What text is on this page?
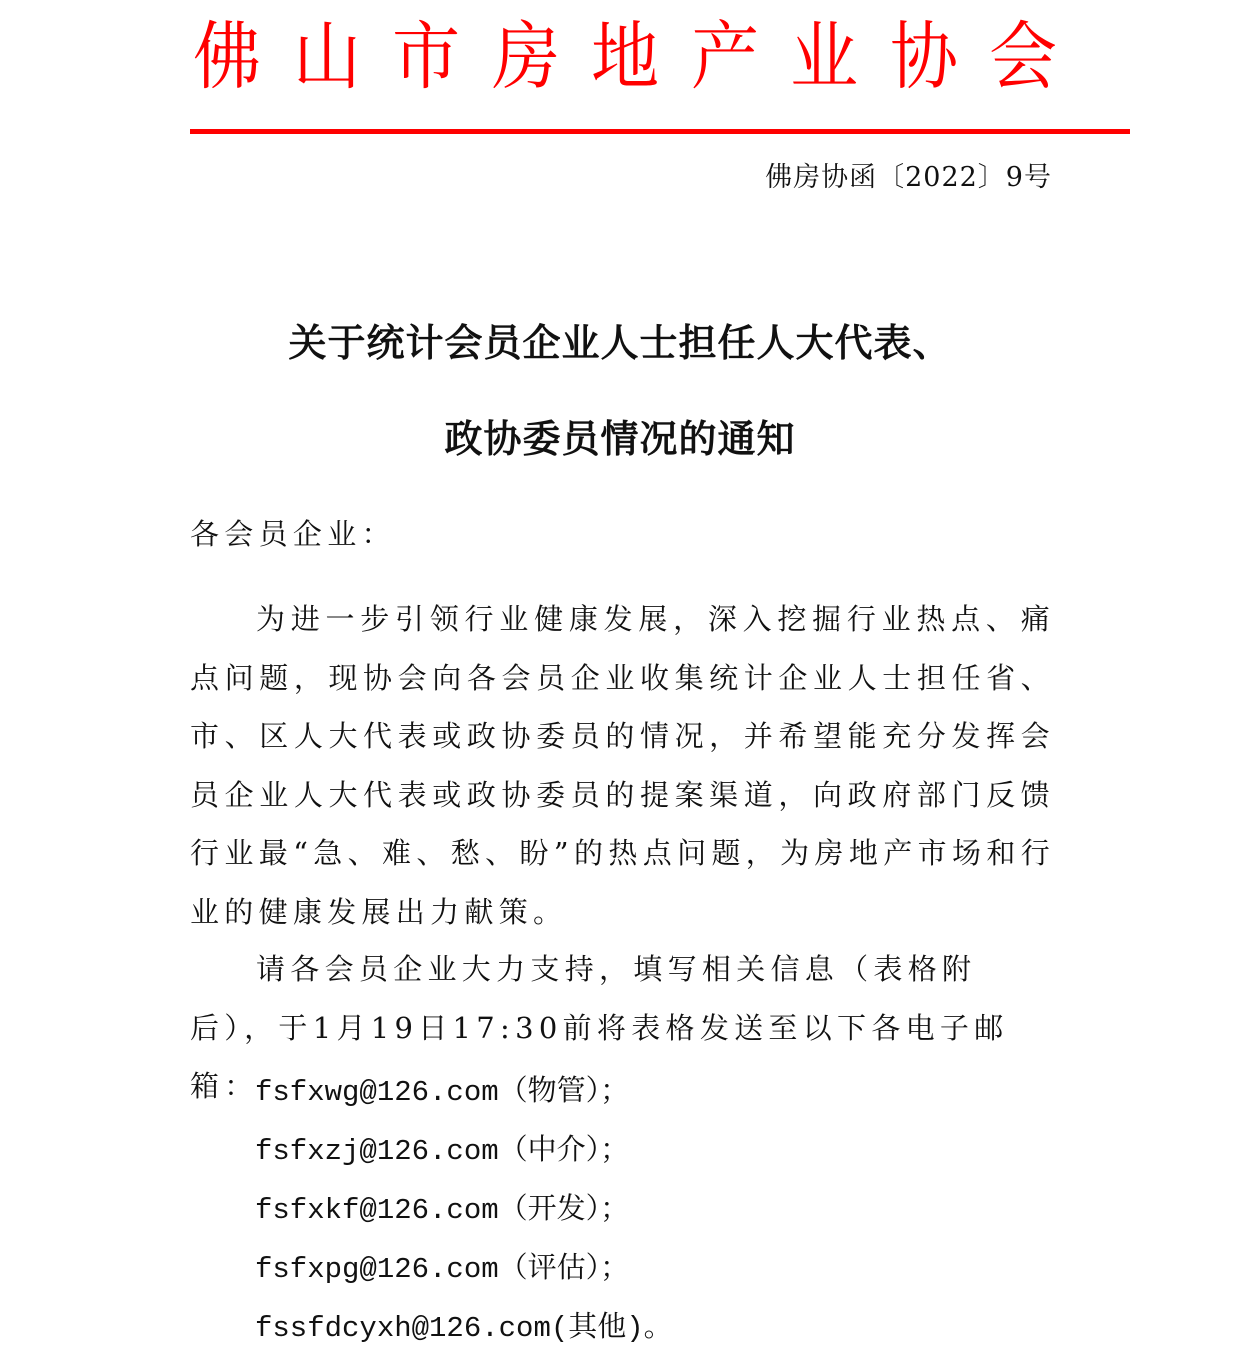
佛 山 市 房 地 产 业 协 会
佛房协函〔2022〕9号
关于统计会员企业人士担任人大代表、
政协委员情况的通知
各会员企业：
为进一步引领行业健康发展，深入挖掘行业热点、痛点问题，现协会向各会员企业收集统计企业人士担任省、市、区人大代表或政协委员的情况，并希望能充分发挥会员企业人大代表或政协委员的提案渠道，向政府部门反馈行业最“急、难、愁、盼”的热点问题，为房地产市场和行业的健康发展出力献策。
请各会员企业大力支持，填写相关信息（表格附后），于1月19日17:30前将表格发送至以下各电子邮箱：
fsfxwg@126.com（物管）；
fsfxzj@126.com（中介）；
fsfxkf@126.com（开发）；
fsfxpg@126.com（评估）；
fssfdcyxh@126.com(其他)。
